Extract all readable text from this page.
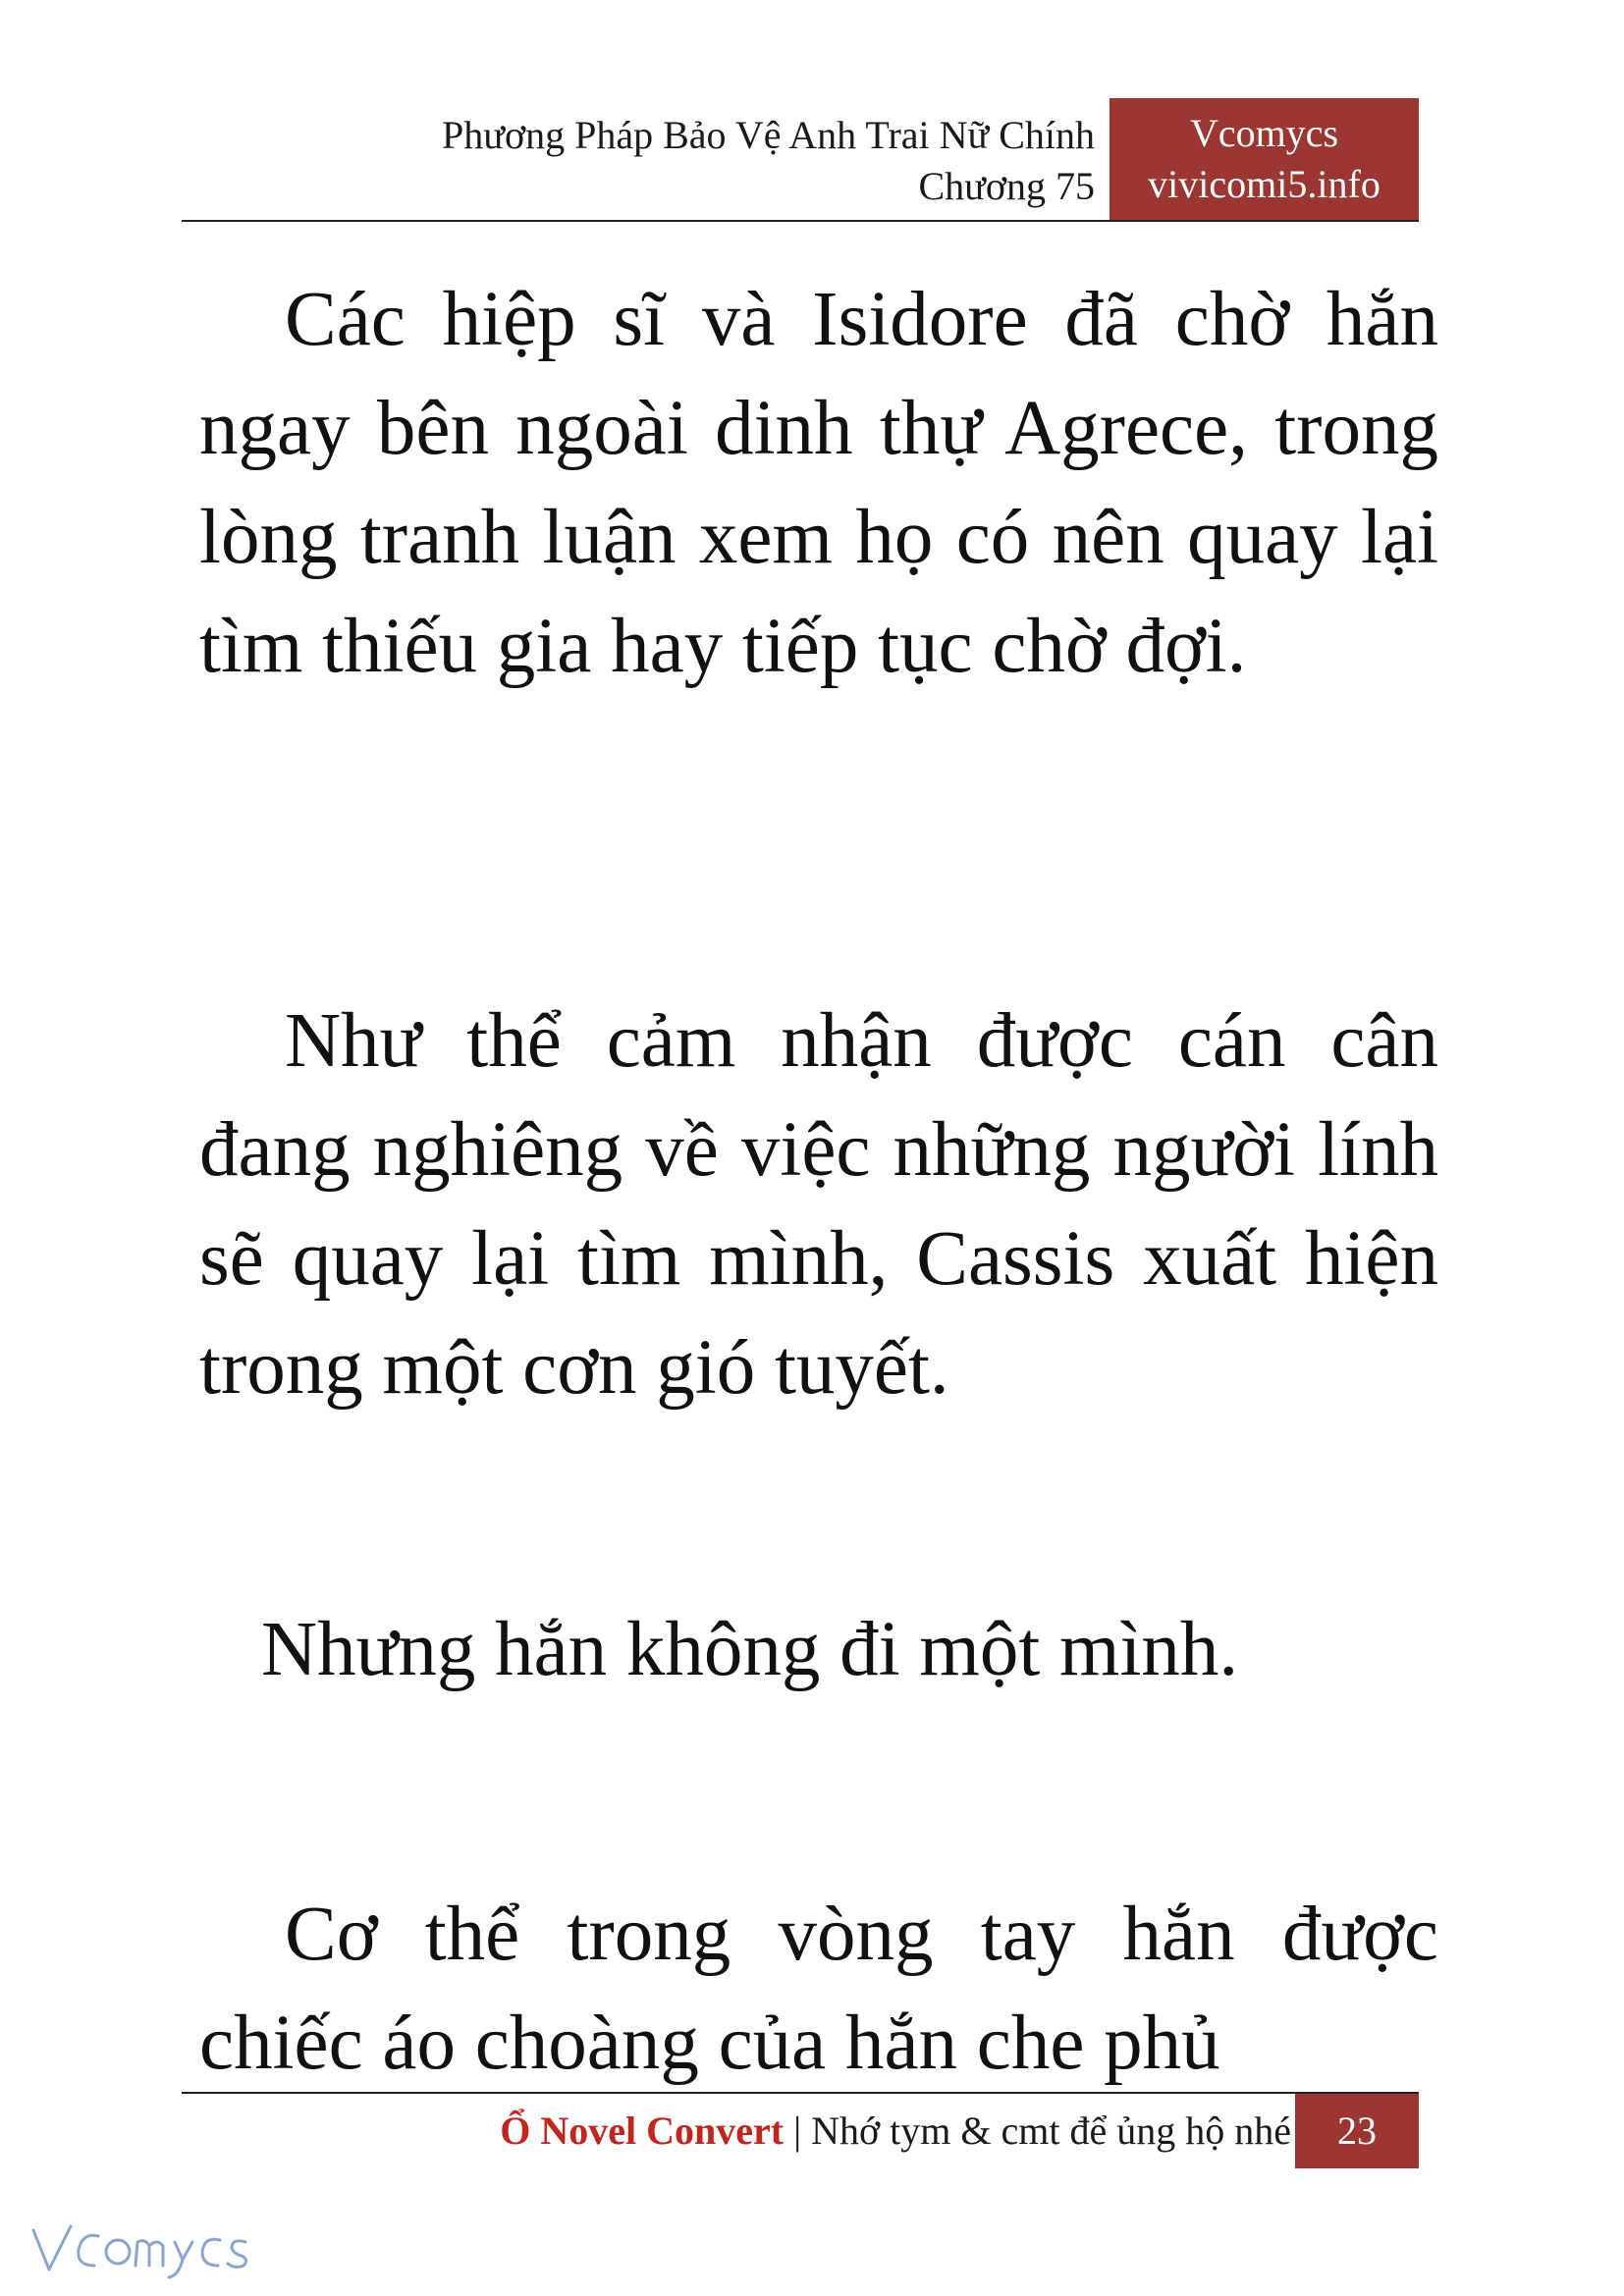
Phương Pháp Bảo Vệ Anh Trai Nữ Chính
Chương 75
Vcomycs
vivicomi5.info

Các hiệp sĩ và Isidore đã chờ hắn ngay bên ngoài dinh thự Agrece, trong lòng tranh luận xem họ có nên quay lại tìm thiếu gia hay tiếp tục chờ đợi.

Như thể cảm nhận được cán cân đang nghiêng về việc những người lính sẽ quay lại tìm mình, Cassis xuất hiện trong một cơn gió tuyết.

Nhưng hắn không đi một mình.

Cơ thể trong vòng tay hắn được chiếc áo choàng của hắn che phủ

Ổ Novel Convert | Nhớ tym & cmt để ủng hộ nhé	23
